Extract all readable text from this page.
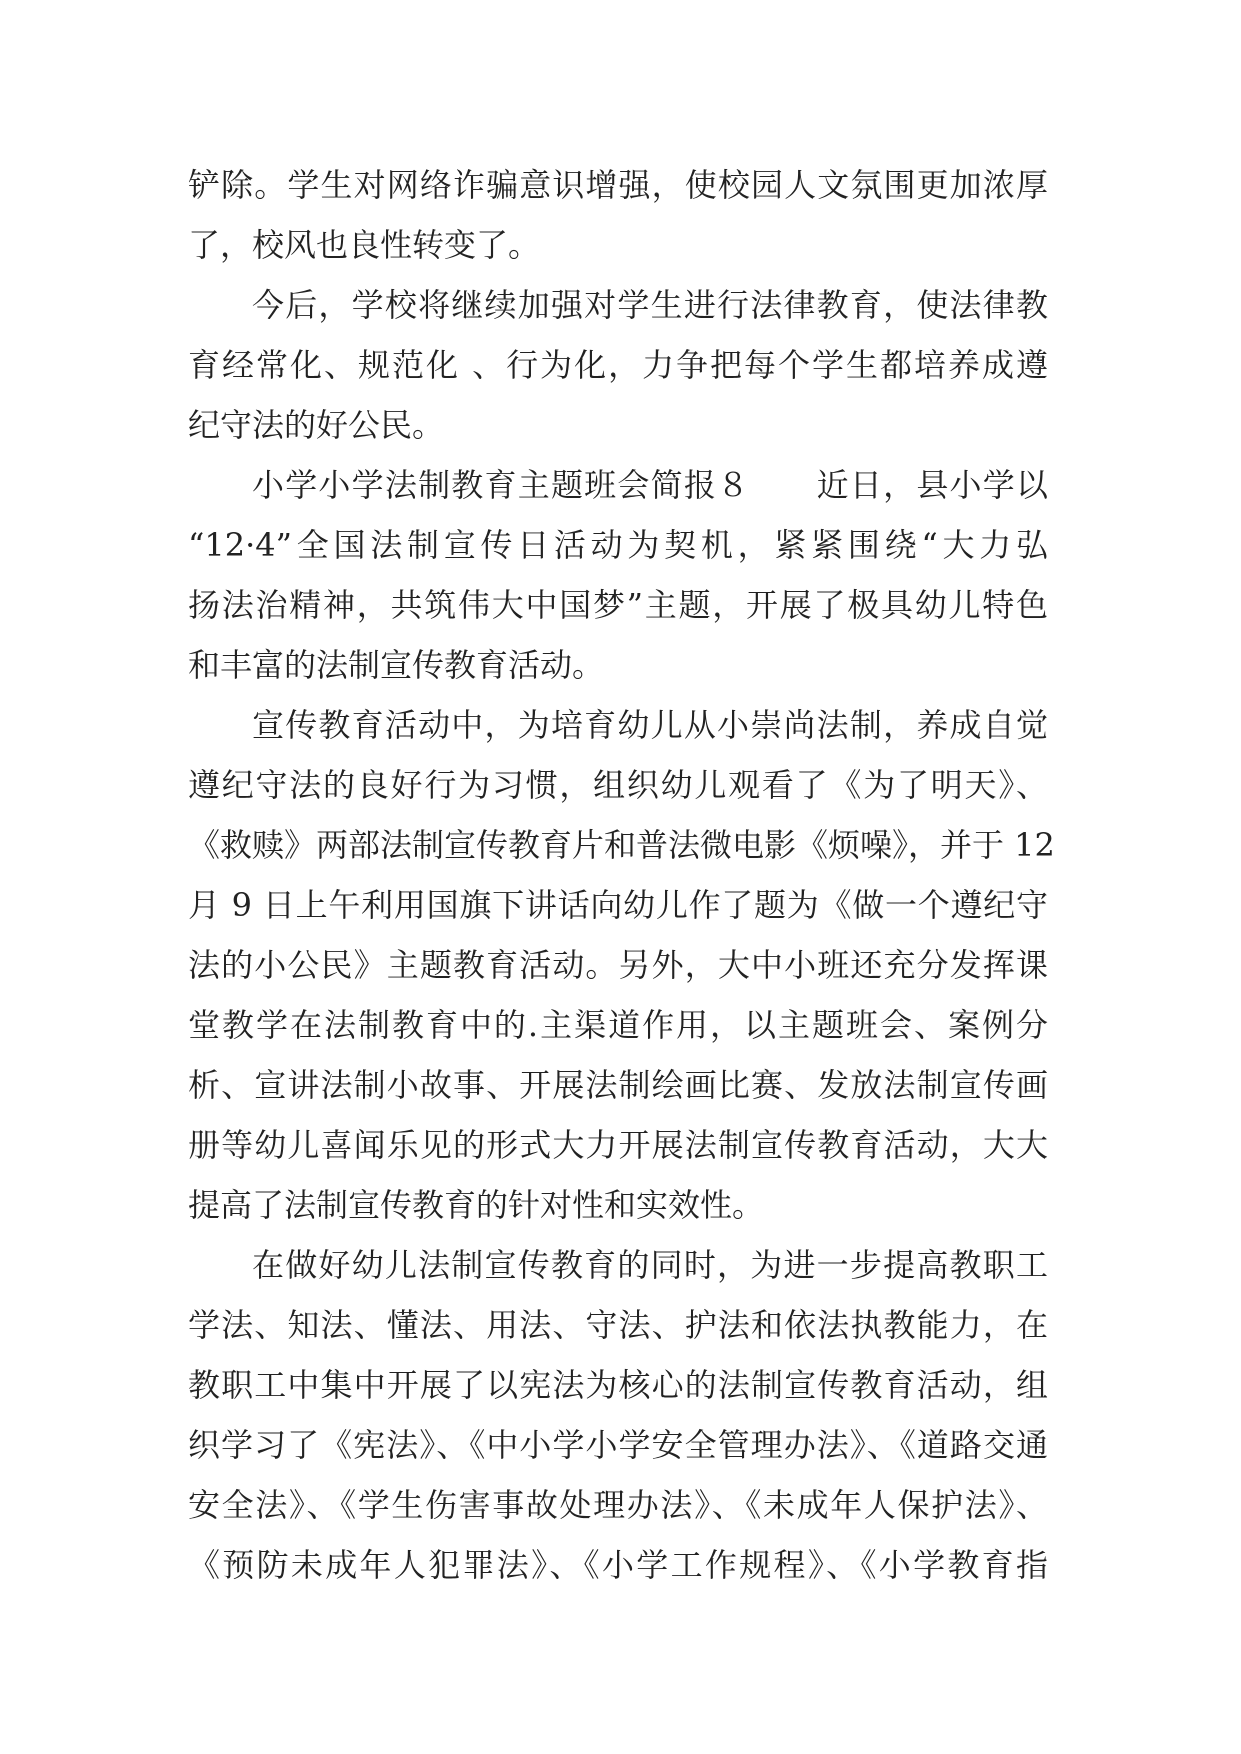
铲除。学生对网络诈骗意识增强，使校园人文氛围更加浓厚
了，校风也良性转变了。
今后，学校将继续加强对学生进行法律教育，使法律教
育经常化、规范化 、行为化，力争把每个学生都培养成遵
纪守法的好公民。
小学小学法制教育主题班会简报８　　近日，县小学以
“12·4”全国法制宣传日活动为契机，紧紧围绕“大力弘
扬法治精神，共筑伟大中国梦”主题，开展了极具幼儿特色
和丰富的法制宣传教育活动。
宣传教育活动中，为培育幼儿从小崇尚法制，养成自觉
遵纪守法的良好行为习惯，组织幼儿观看了《为了明天》、
《救赎》两部法制宣传教育片和普法微电影《烦噪》，并于 12
月 9 日上午利用国旗下讲话向幼儿作了题为《做一个遵纪守
法的小公民》主题教育活动。另外，大中小班还充分发挥课
堂教学在法制教育中的.主渠道作用，以主题班会、案例分
析、宣讲法制小故事、开展法制绘画比赛、发放法制宣传画
册等幼儿喜闻乐见的形式大力开展法制宣传教育活动，大大
提高了法制宣传教育的针对性和实效性。
在做好幼儿法制宣传教育的同时，为进一步提高教职工
学法、知法、懂法、用法、守法、护法和依法执教能力，在
教职工中集中开展了以宪法为核心的法制宣传教育活动，组
织学习了《宪法》、《中小学小学安全管理办法》、《道路交通
安全法》、《学生伤害事故处理办法》、《未成年人保护法》、
《预防未成年人犯罪法》、《小学工作规程》、《小学教育指
